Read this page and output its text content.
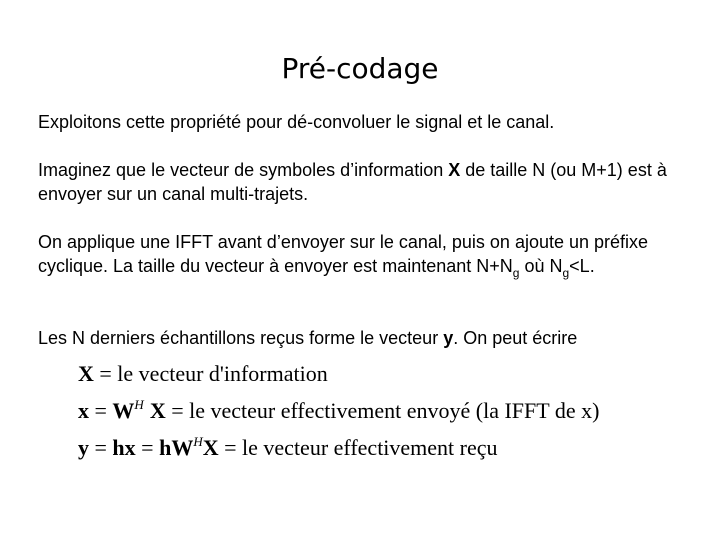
Pré-codage
Exploitons cette propriété pour dé-convoluer le signal et le canal.
Imaginez que le vecteur de symboles d’information X de taille N (ou M+1) est à envoyer sur un canal multi-trajets.
On applique une IFFT avant d’envoyer sur le canal, puis on ajoute un préfixe cyclique. La taille du vecteur à envoyer est maintenant $N+N_g$ où $N_g<L$.
Les N derniers échantillons reçus forme le vecteur y. On peut écrire
X = le vecteur d'information
$x = W^H$ X = le vecteur effectivement envoyé (la IFFT de x)
y = hx = $hW^HX$ = le vecteur effectivement reçu
